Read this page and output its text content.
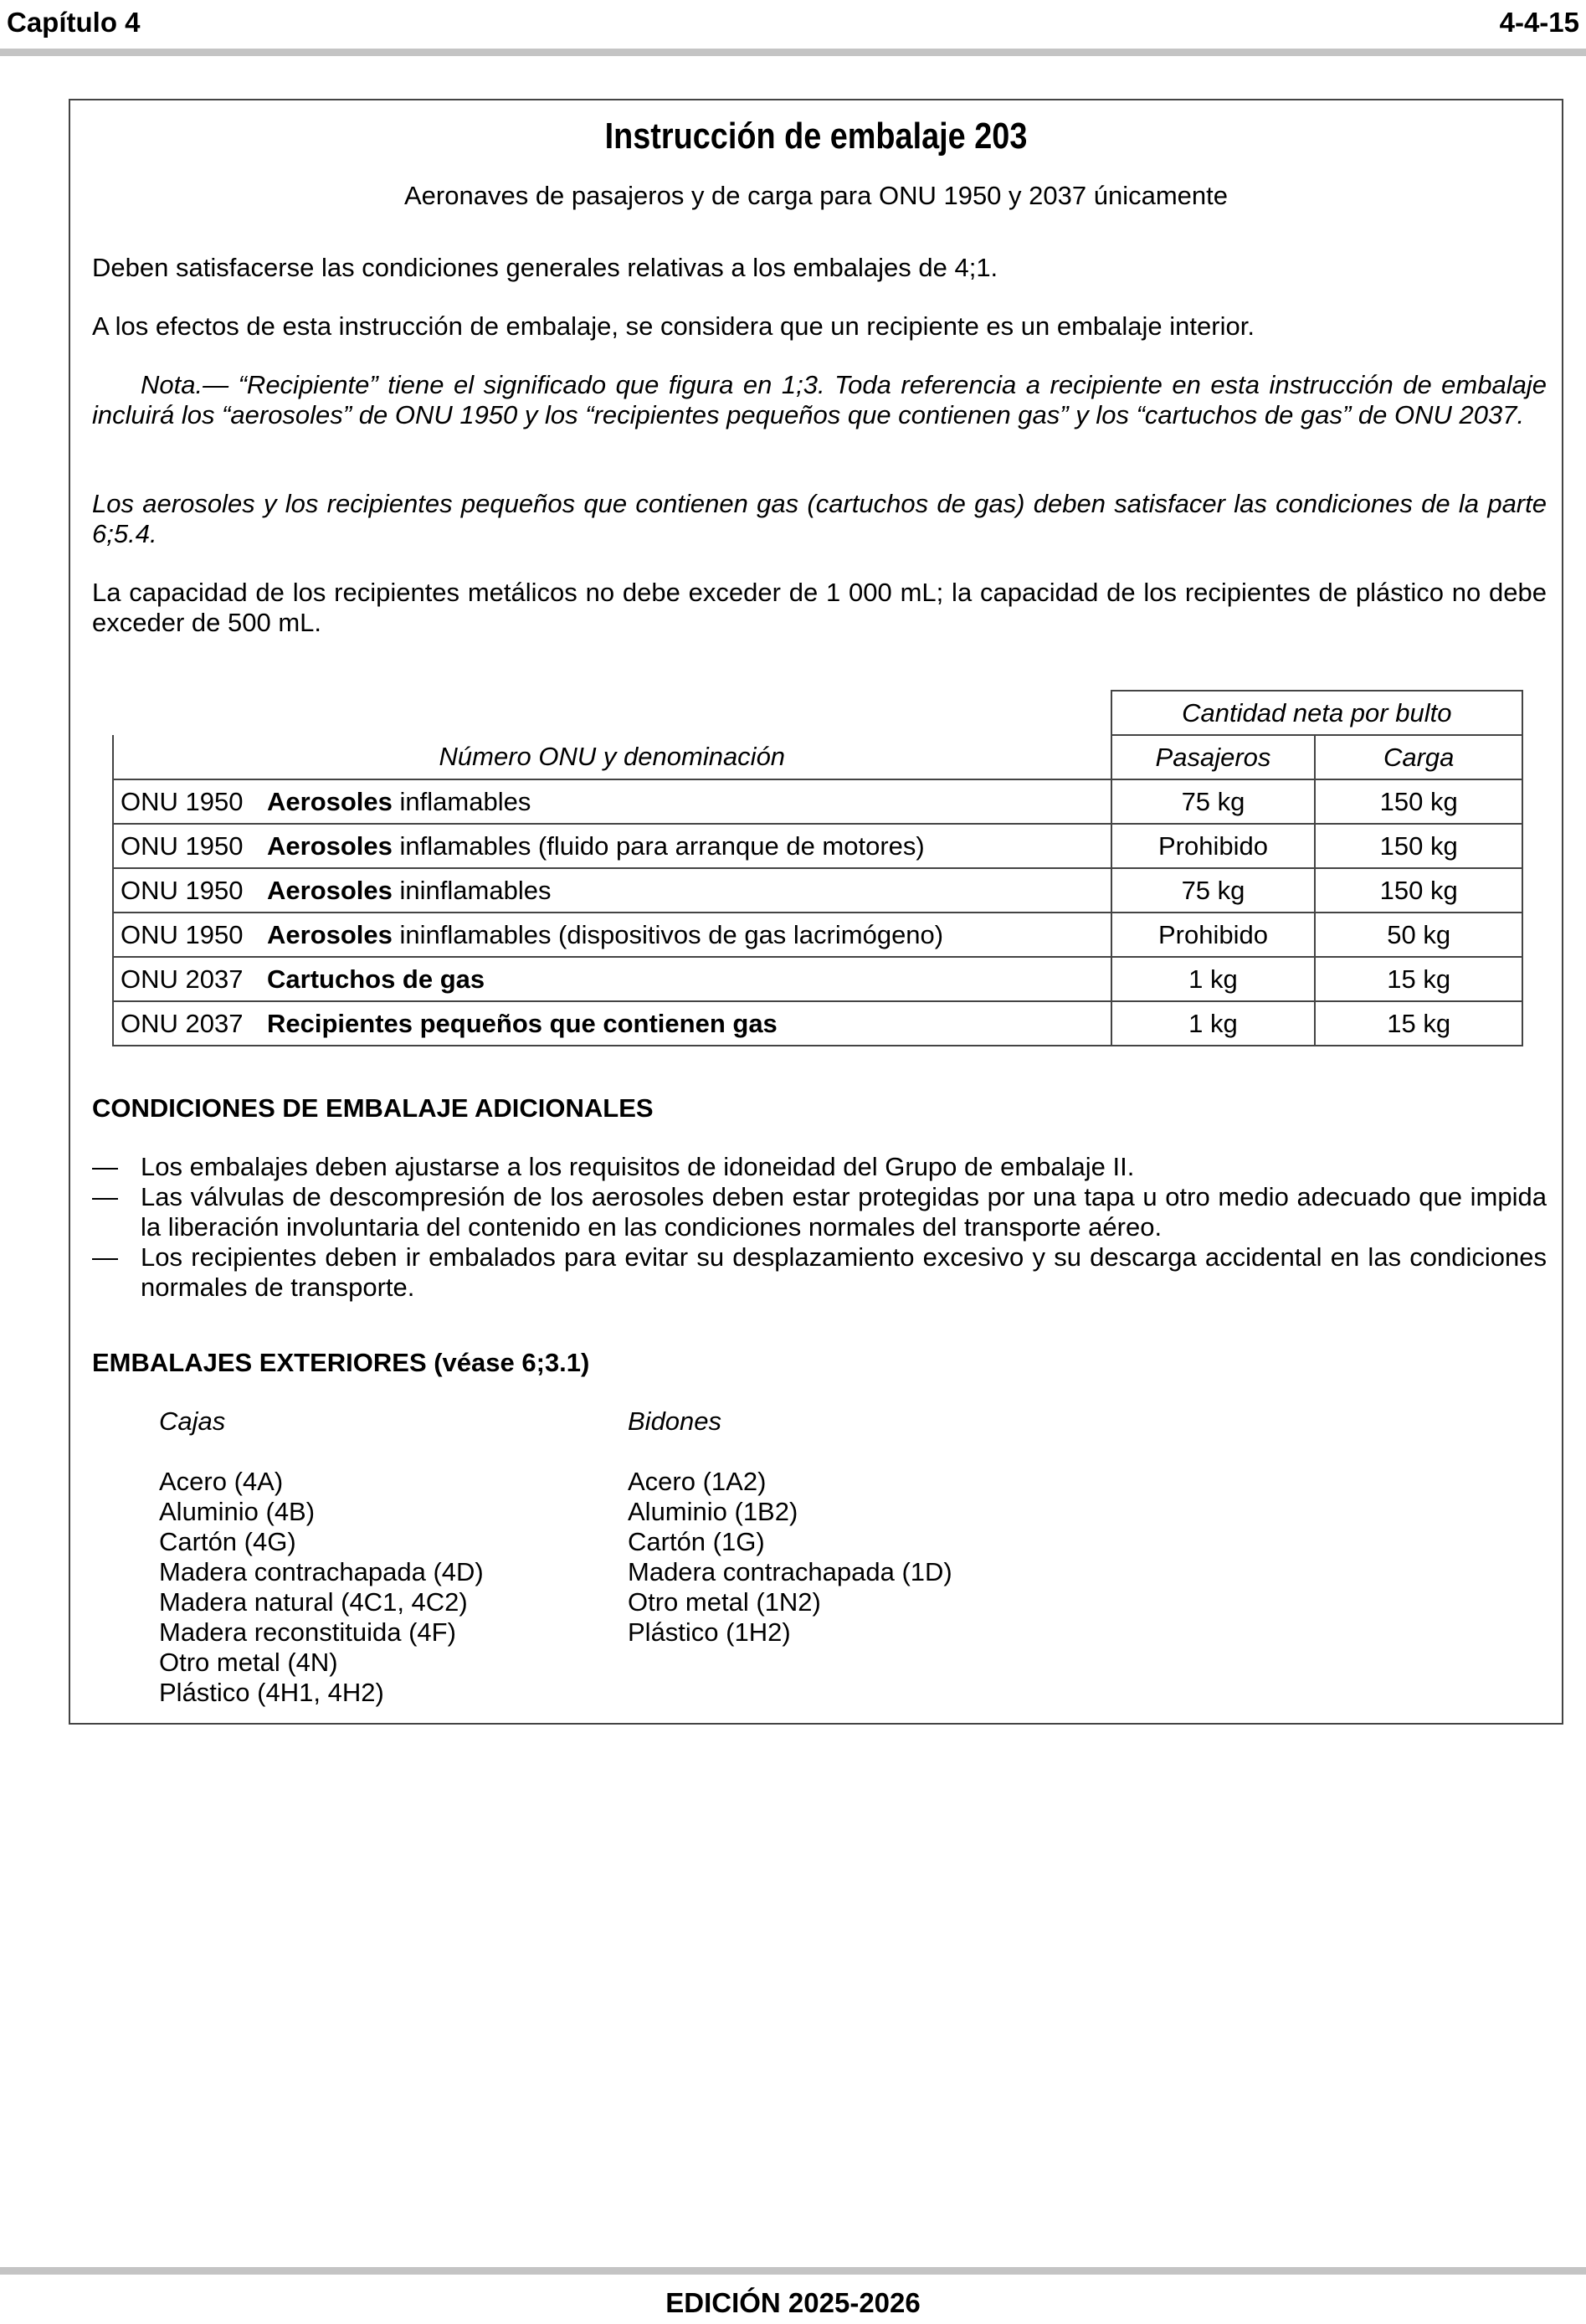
Capítulo 4	4-4-15
Instrucción de embalaje 203
Aeronaves de pasajeros y de carga para ONU 1950 y 2037 únicamente
Deben satisfacerse las condiciones generales relativas a los embalajes de 4;1.
A los efectos de esta instrucción de embalaje, se considera que un recipiente es un embalaje interior.
Nota.— “Recipiente” tiene el significado que figura en 1;3. Toda referencia a recipiente en esta instrucción de embalaje incluirá los “aerosoles” de ONU 1950 y los “recipientes pequeños que contienen gas” y los “cartuchos de gas” de ONU 2037.
Los aerosoles y los recipientes pequeños que contienen gas (cartuchos de gas) deben satisfacer las condiciones de la parte 6;5.4.
La capacidad de los recipientes metálicos no debe exceder de 1 000 mL; la capacidad de los recipientes de plástico no debe exceder de 500 mL.
	Cantidad neta por bulto	
Número ONU y denominación	Pasajeros	Carga
ONU 1950 Aerosoles inflamables	75 kg	150 kg
ONU 1950 Aerosoles inflamables (fluido para arranque de motores)	Prohibido	150 kg
ONU 1950 Aerosoles ininflamables	75 kg	150 kg
ONU 1950 Aerosoles ininflamables (dispositivos de gas lacrimógeno)	Prohibido	50 kg
ONU 2037 Cartuchos de gas	1 kg	15 kg
ONU 2037 Recipientes pequeños que contienen gas	1 kg	15 kg
CONDICIONES DE EMBALAJE ADICIONALES
— Los embalajes deben ajustarse a los requisitos de idoneidad del Grupo de embalaje II.
— Las válvulas de descompresión de los aerosoles deben estar protegidas por una tapa u otro medio adecuado que impida la liberación involuntaria del contenido en las condiciones normales del transporte aéreo.
— Los recipientes deben ir embalados para evitar su desplazamiento excesivo y su descarga accidental en las condiciones normales de transporte.
EMBALAJES EXTERIORES (véase 6;3.1)
Cajas
Acero (4A)
Aluminio (4B)
Cartón (4G)
Madera contrachapada (4D)
Madera natural (4C1, 4C2)
Madera reconstituida (4F)
Otro metal (4N)
Plástico (4H1, 4H2)
Bidones
Acero (1A2)
Aluminio (1B2)
Cartón (1G)
Madera contrachapada (1D)
Otro metal (1N2)
Plástico (1H2)
EDICIÓN 2025-2026
